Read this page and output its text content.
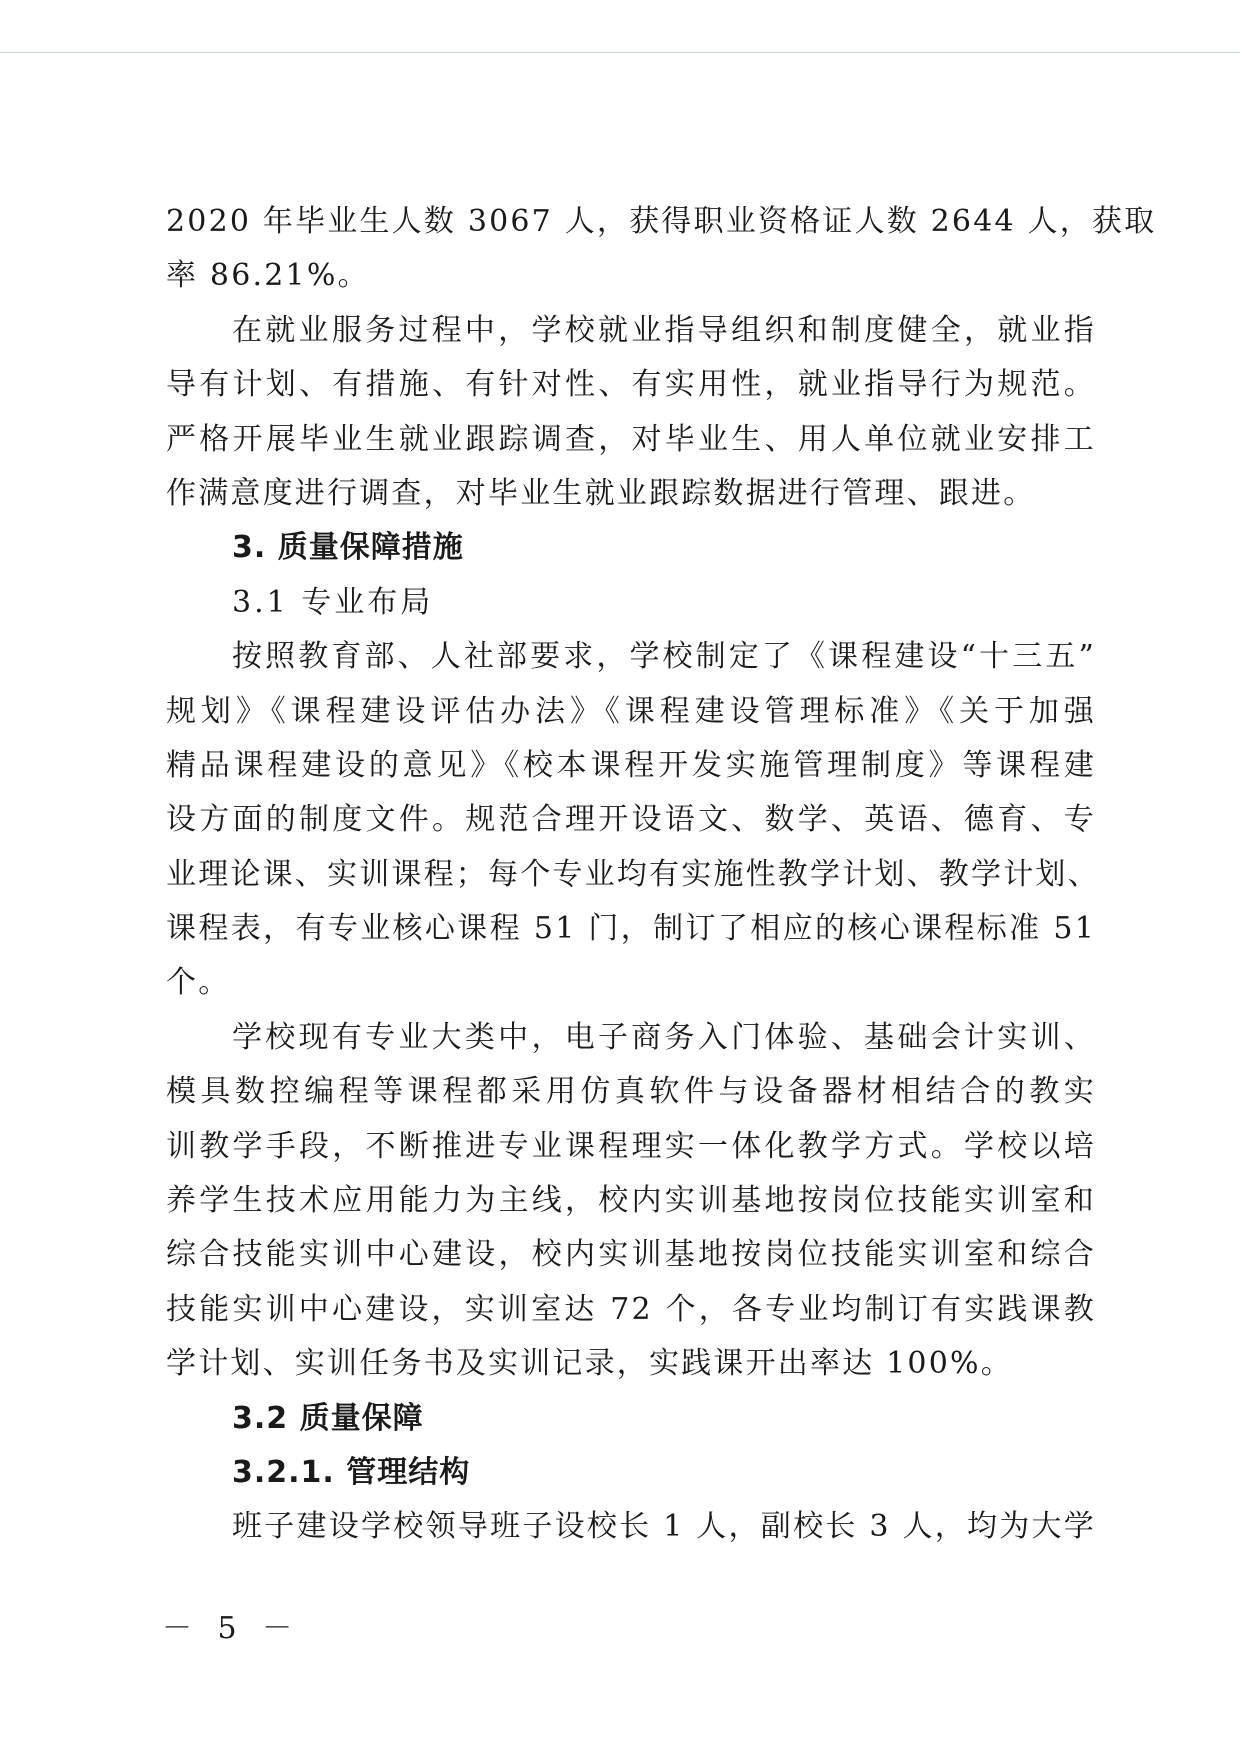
2020 年毕业生人数 3067 人，获得职业资格证人数 2644 人，获取
率 86.21%。
在就业服务过程中，学校就业指导组织和制度健全，就业指
导有计划、有措施、有针对性、有实用性，就业指导行为规范。
严格开展毕业生就业跟踪调查，对毕业生、用人单位就业安排工
作满意度进行调查，对毕业生就业跟踪数据进行管理、跟进。
3. 质量保障措施
3.1 专业布局
按照教育部、人社部要求，学校制定了《课程建设“十三五”
规划》《课程建设评估办法》《课程建设管理标准》《关于加强
精品课程建设的意见》《校本课程开发实施管理制度》等课程建
设方面的制度文件。规范合理开设语文、数学、英语、德育、专
业理论课、实训课程；每个专业均有实施性教学计划、教学计划、
课程表，有专业核心课程 51 门，制订了相应的核心课程标准 51
个。
学校现有专业大类中，电子商务入门体验、基础会计实训、
模具数控编程等课程都采用仿真软件与设备器材相结合的教实
训教学手段，不断推进专业课程理实一体化教学方式。学校以培
养学生技术应用能力为主线，校内实训基地按岗位技能实训室和
综合技能实训中心建设，校内实训基地按岗位技能实训室和综合
技能实训中心建设，实训室达 72 个，各专业均制订有实践课教
学计划、实训任务书及实训记录，实践课开出率达 100%。
3.2 质量保障
3.2.1. 管理结构
班子建设学校领导班子设校长 1 人，副校长 3 人，均为大学
－ 5 －
